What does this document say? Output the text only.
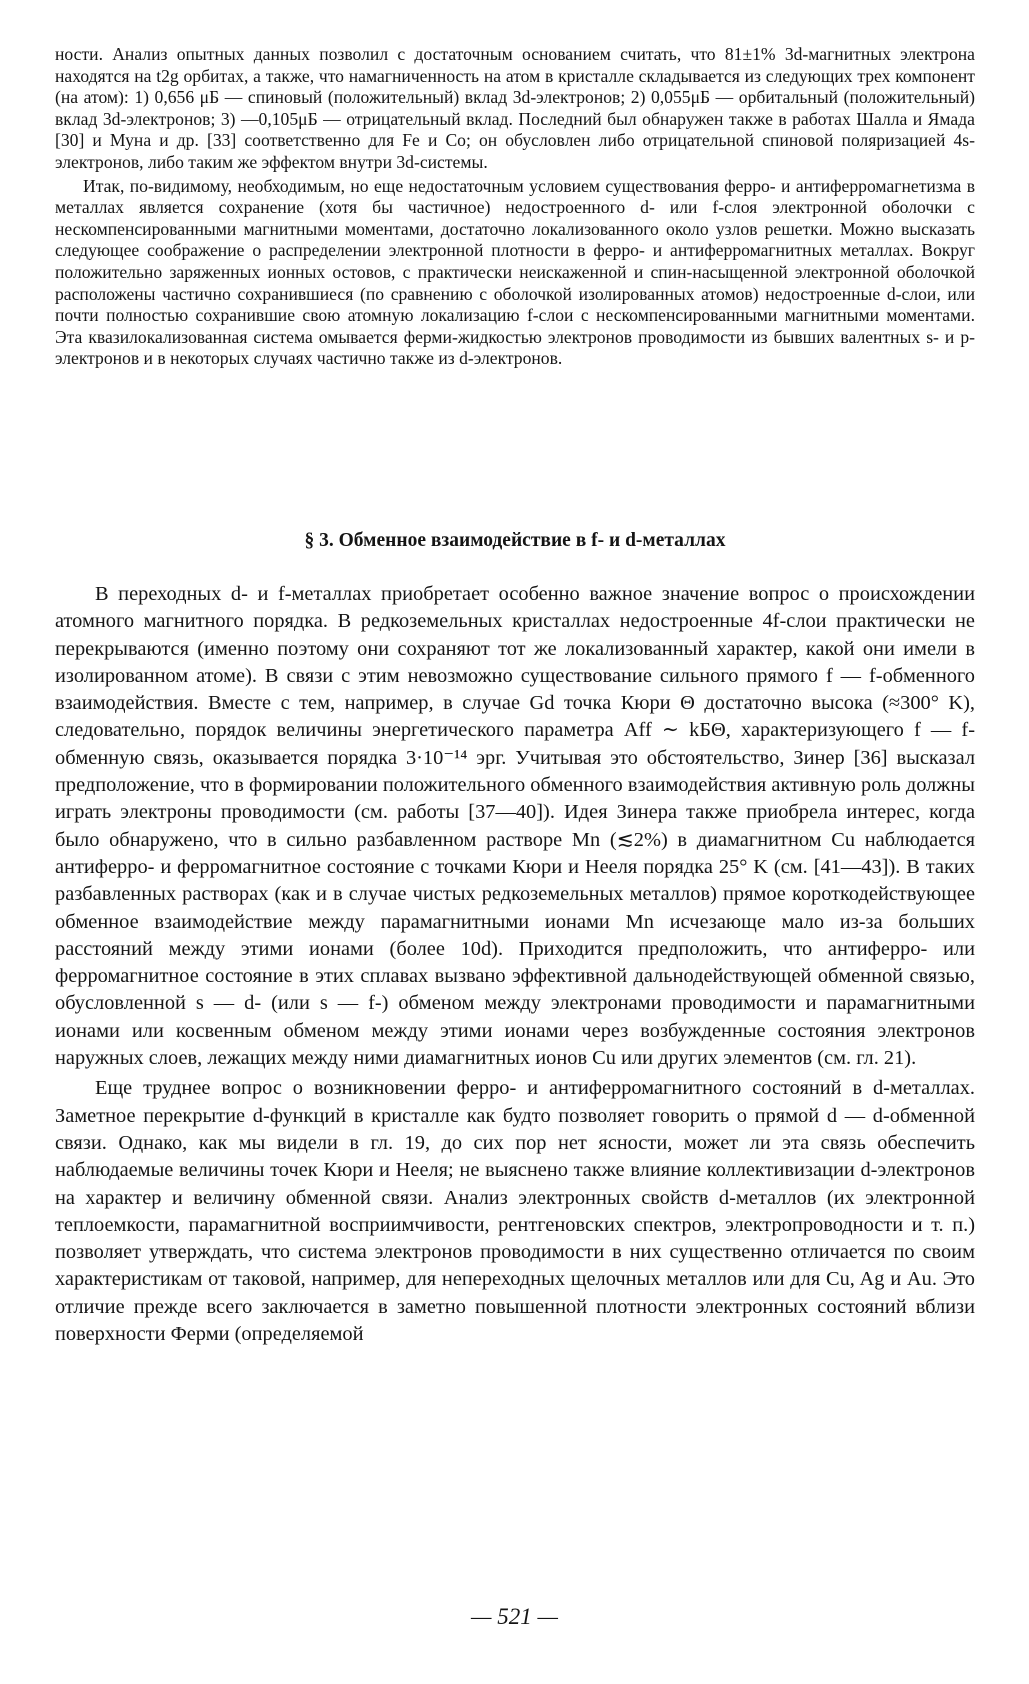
ности. Анализ опытных данных позволил с достаточным основанием считать, что 81±1% 3d-магнитных электрона находятся на t2g орбитах, а также, что намагниченность на атом в кристалле складывается из следующих трех компонент (на атом): 1) 0,656 μБ — спиновый (положительный) вклад 3d-электронов; 2) 0,055μБ — орбитальный (положительный) вклад 3d-электронов; 3) —0,105μБ — отрицательный вклад. Последний был обнаружен также в работах Шалла и Ямада [30] и Муна и др. [33] соответственно для Fe и Co; он обусловлен либо отрицательной спиновой поляризацией 4s-электронов, либо таким же эффектом внутри 3d-системы.

Итак, по-видимому, необходимым, но еще недостаточным условием существования ферро- и антиферромагнетизма в металлах является сохранение (хотя бы частичное) недостроенного d- или f-слоя электронной оболочки с нескомпенсированными магнитными моментами, достаточно локализованного около узлов решетки. Можно высказать следующее соображение о распределении электронной плотности в ферро- и антиферромагнитных металлах. Вокруг положительно заряженных ионных остовов, с практически неискаженной и спин-насыщенной электронной оболочкой расположены частично сохранившиеся (по сравнению с оболочкой изолированных атомов) недостроенные d-слои, или почти полностью сохранившие свою атомную локализацию f-слои с нескомпенсированными магнитными моментами. Эта квазилокализованная система омывается ферми-жидкостью электронов проводимости из бывших валентных s- и p-электронов и в некоторых случаях частично также из d-электронов.

§ 3. Обменное взаимодействие в f- и d-металлах

В переходных d- и f-металлах приобретает особенно важное значение вопрос о происхождении атомного магнитного порядка. В редкоземельных кристаллах недостроенные 4f-слои практически не перекрываются (именно поэтому они сохраняют тот же локализованный характер, какой они имели в изолированном атоме). В связи с этим невозможно существование сильного прямого f — f-обменного взаимодействия. Вместе с тем, например, в случае Gd точка Кюри Θ достаточно высока (≈300° K), следовательно, порядок величины энергетического параметра Aff ∼ kБΘ, характеризующего f — f-обменную связь, оказывается порядка 3·10⁻¹⁴ эрг. Учитывая это обстоятельство, Зинер [36] высказал предположение, что в формировании положительного обменного взаимодействия активную роль должны играть электроны проводимости (см. работы [37—40]). Идея Зинера также приобрела интерес, когда было обнаружено, что в сильно разбавленном растворе Mn (≲2%) в диамагнитном Cu наблюдается антиферро- и ферромагнитное состояние с точками Кюри и Нееля порядка 25° K (см. [41—43]). В таких разбавленных растворах (как и в случае чистых редкоземельных металлов) прямое короткодействующее обменное взаимодействие между парамагнитными ионами Mn исчезающе мало из-за больших расстояний между этими ионами (более 10d). Приходится предположить, что антиферро- или ферромагнитное состояние в этих сплавах вызвано эффективной дальнодействующей обменной связью, обусловленной s — d- (или s — f-) обменом между электронами проводимости и парамагнитными ионами или косвенным обменом между этими ионами через возбужденные состояния электронов наружных слоев, лежащих между ними диамагнитных ионов Cu или других элементов (см. гл. 21).

Еще труднее вопрос о возникновении ферро- и антиферромагнитного состояний в d-металлах. Заметное перекрытие d-функций в кристалле как будто позволяет говорить о прямой d — d-обменной связи. Однако, как мы видели в гл. 19, до сих пор нет ясности, может ли эта связь обеспечить наблюдаемые величины точек Кюри и Нееля; не выяснено также влияние коллективизации d-электронов на характер и величину обменной связи. Анализ электронных свойств d-металлов (их электронной теплоемкости, парамагнитной восприимчивости, рентгеновских спектров, электропроводности и т. п.) позволяет утверждать, что система электронов проводимости в них существенно отличается по своим характеристикам от таковой, например, для непереходных щелочных металлов или для Cu, Ag и Au. Это отличие прежде всего заключается в заметно повышенной плотности электронных состояний вблизи поверхности Ферми (определяемой

— 521 —
